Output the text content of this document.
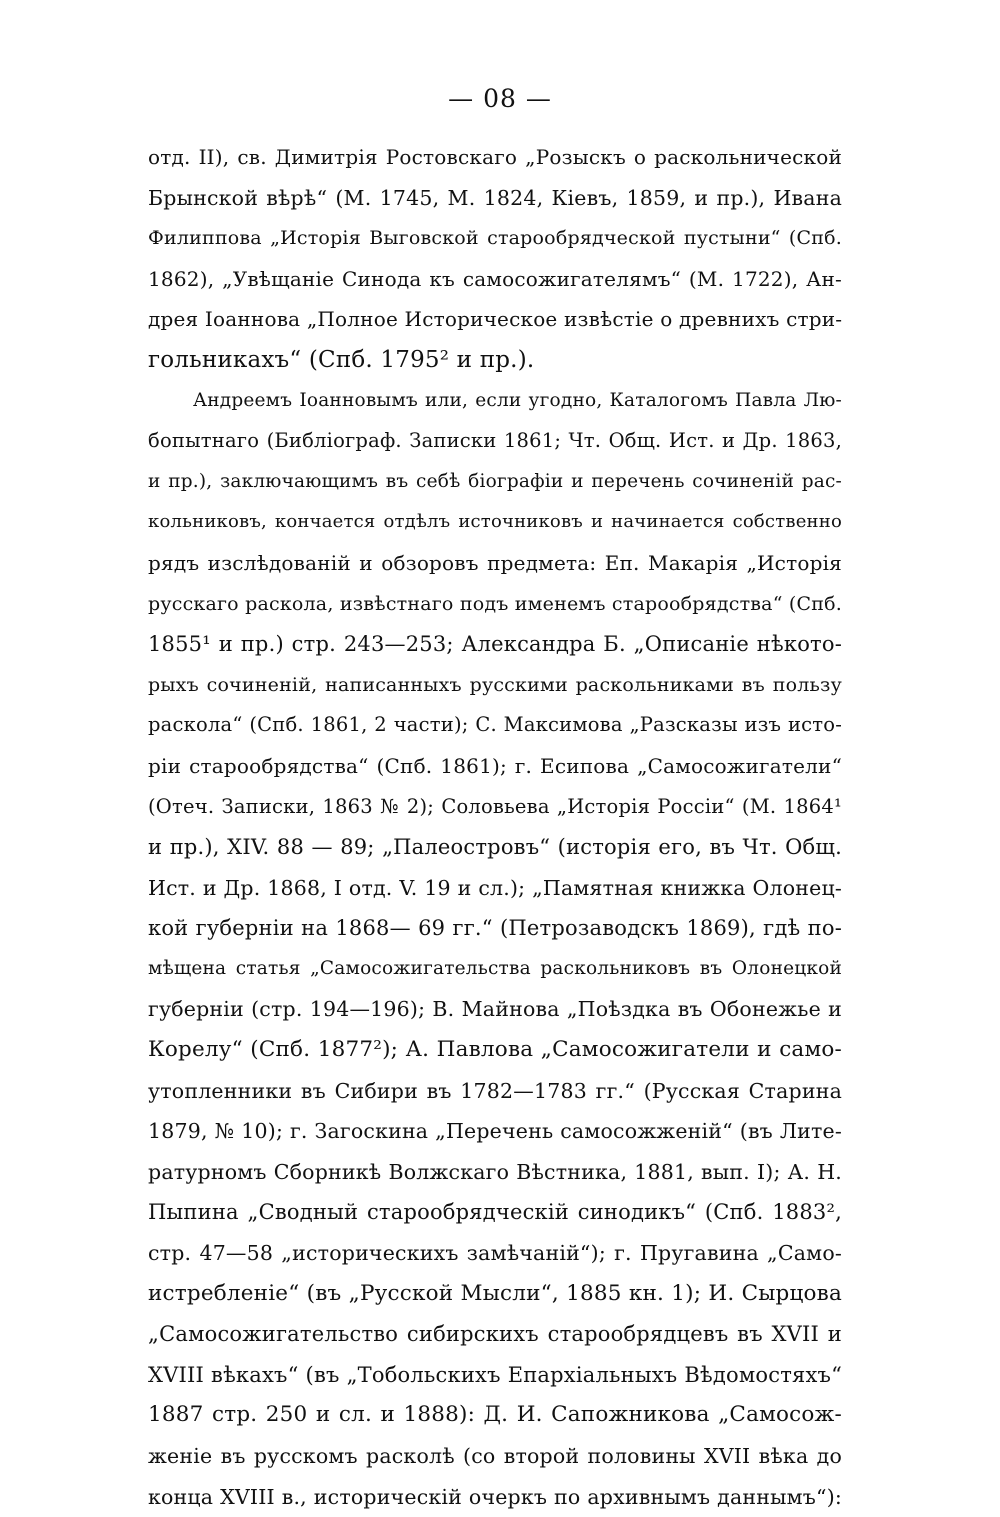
— 08 —
отд. II), св. Димитрія Ростовскаго „Розыскъ о раскольнической
Брынской вѣрѣ“ (М. 1745, М. 1824, Кіевъ, 1859, и пр.), Ивана
Филиппова „Исторія Выговской старообрядческой пустыни“ (Спб.
1862), „Увѣщаніе Синода къ самосожигателямъ“ (М. 1722), Ан-
дрея Іоаннова „Полное Историческое извѣстіе о древнихъ стри-
гольникахъ“ (Спб. 1795² и пр.).
Андреемъ Іоанновымъ или, если угодно, Каталогомъ Павла Лю-
бопытнаго (Библіограф. Записки 1861; Чт. Общ. Ист. и Др. 1863,
и пр.), заключающимъ въ себѣ біографіи и перечень сочиненій рас-
кольниковъ, кончается отдѣлъ источниковъ и начинается собственно
рядъ изслѣдованій и обзоровъ предмета: Еп. Макарія „Исторія
русскаго раскола, извѣстнаго подъ именемъ старообрядства“ (Спб.
1855¹ и пр.) стр. 243—253; Александра Б. „Описаніе нѣкото-
рыхъ сочиненій, написанныхъ русскими раскольниками въ пользу
раскола“ (Спб. 1861, 2 части); С. Максимова „Разсказы изъ исто-
ріи старообрядства“ (Спб. 1861); г. Есипова „Самосожигатели“
(Отеч. Записки, 1863 № 2); Соловьева „Исторія Россіи“ (М. 1864¹
и пр.), XIV. 88 — 89; „Палеостровъ“ (исторія его, въ Чт. Общ.
Ист. и Др. 1868, I отд. V. 19 и сл.); „Памятная книжка Олонец-
кой губерніи на 1868— 69 гг.“ (Петрозаводскъ 1869), гдѣ по-
мѣщена статья „Самосожигательства раскольниковъ въ Олонецкой
губерніи (стр. 194—196); В. Майнова „Поѣздка въ Обонежье и
Корелу“ (Спб. 1877²); А. Павлова „Самосожигатели и само-
утопленники въ Сибири въ 1782—1783 гг.“ (Русская Старина
1879, № 10); г. Загоскина „Перечень самосожженій“ (въ Лите-
ратурномъ Сборникѣ Волжскаго Вѣстника, 1881, вып. I); А. Н.
Пыпина „Сводный старообрядческій синодикъ“ (Спб. 1883²,
стр. 47—58 „историческихъ замѣчаній“); г. Пругавина „Само-
истребленіе“ (въ „Русской Мысли“, 1885 кн. 1); И. Сырцова
„Самосожигательство сибирскихъ старообрядцевъ въ XVII и
XVIII вѣкахъ“ (въ „Тобольскихъ Епархіальныхъ Вѣдомостяхъ“
1887 стр. 250 и сл. и 1888): Д. И. Сапожникова „Самосож-
женіе въ русскомъ расколѣ (со второй половины XVII вѣка до
конца XVIII в., историческій очеркъ по архивнымъ даннымъ“):
